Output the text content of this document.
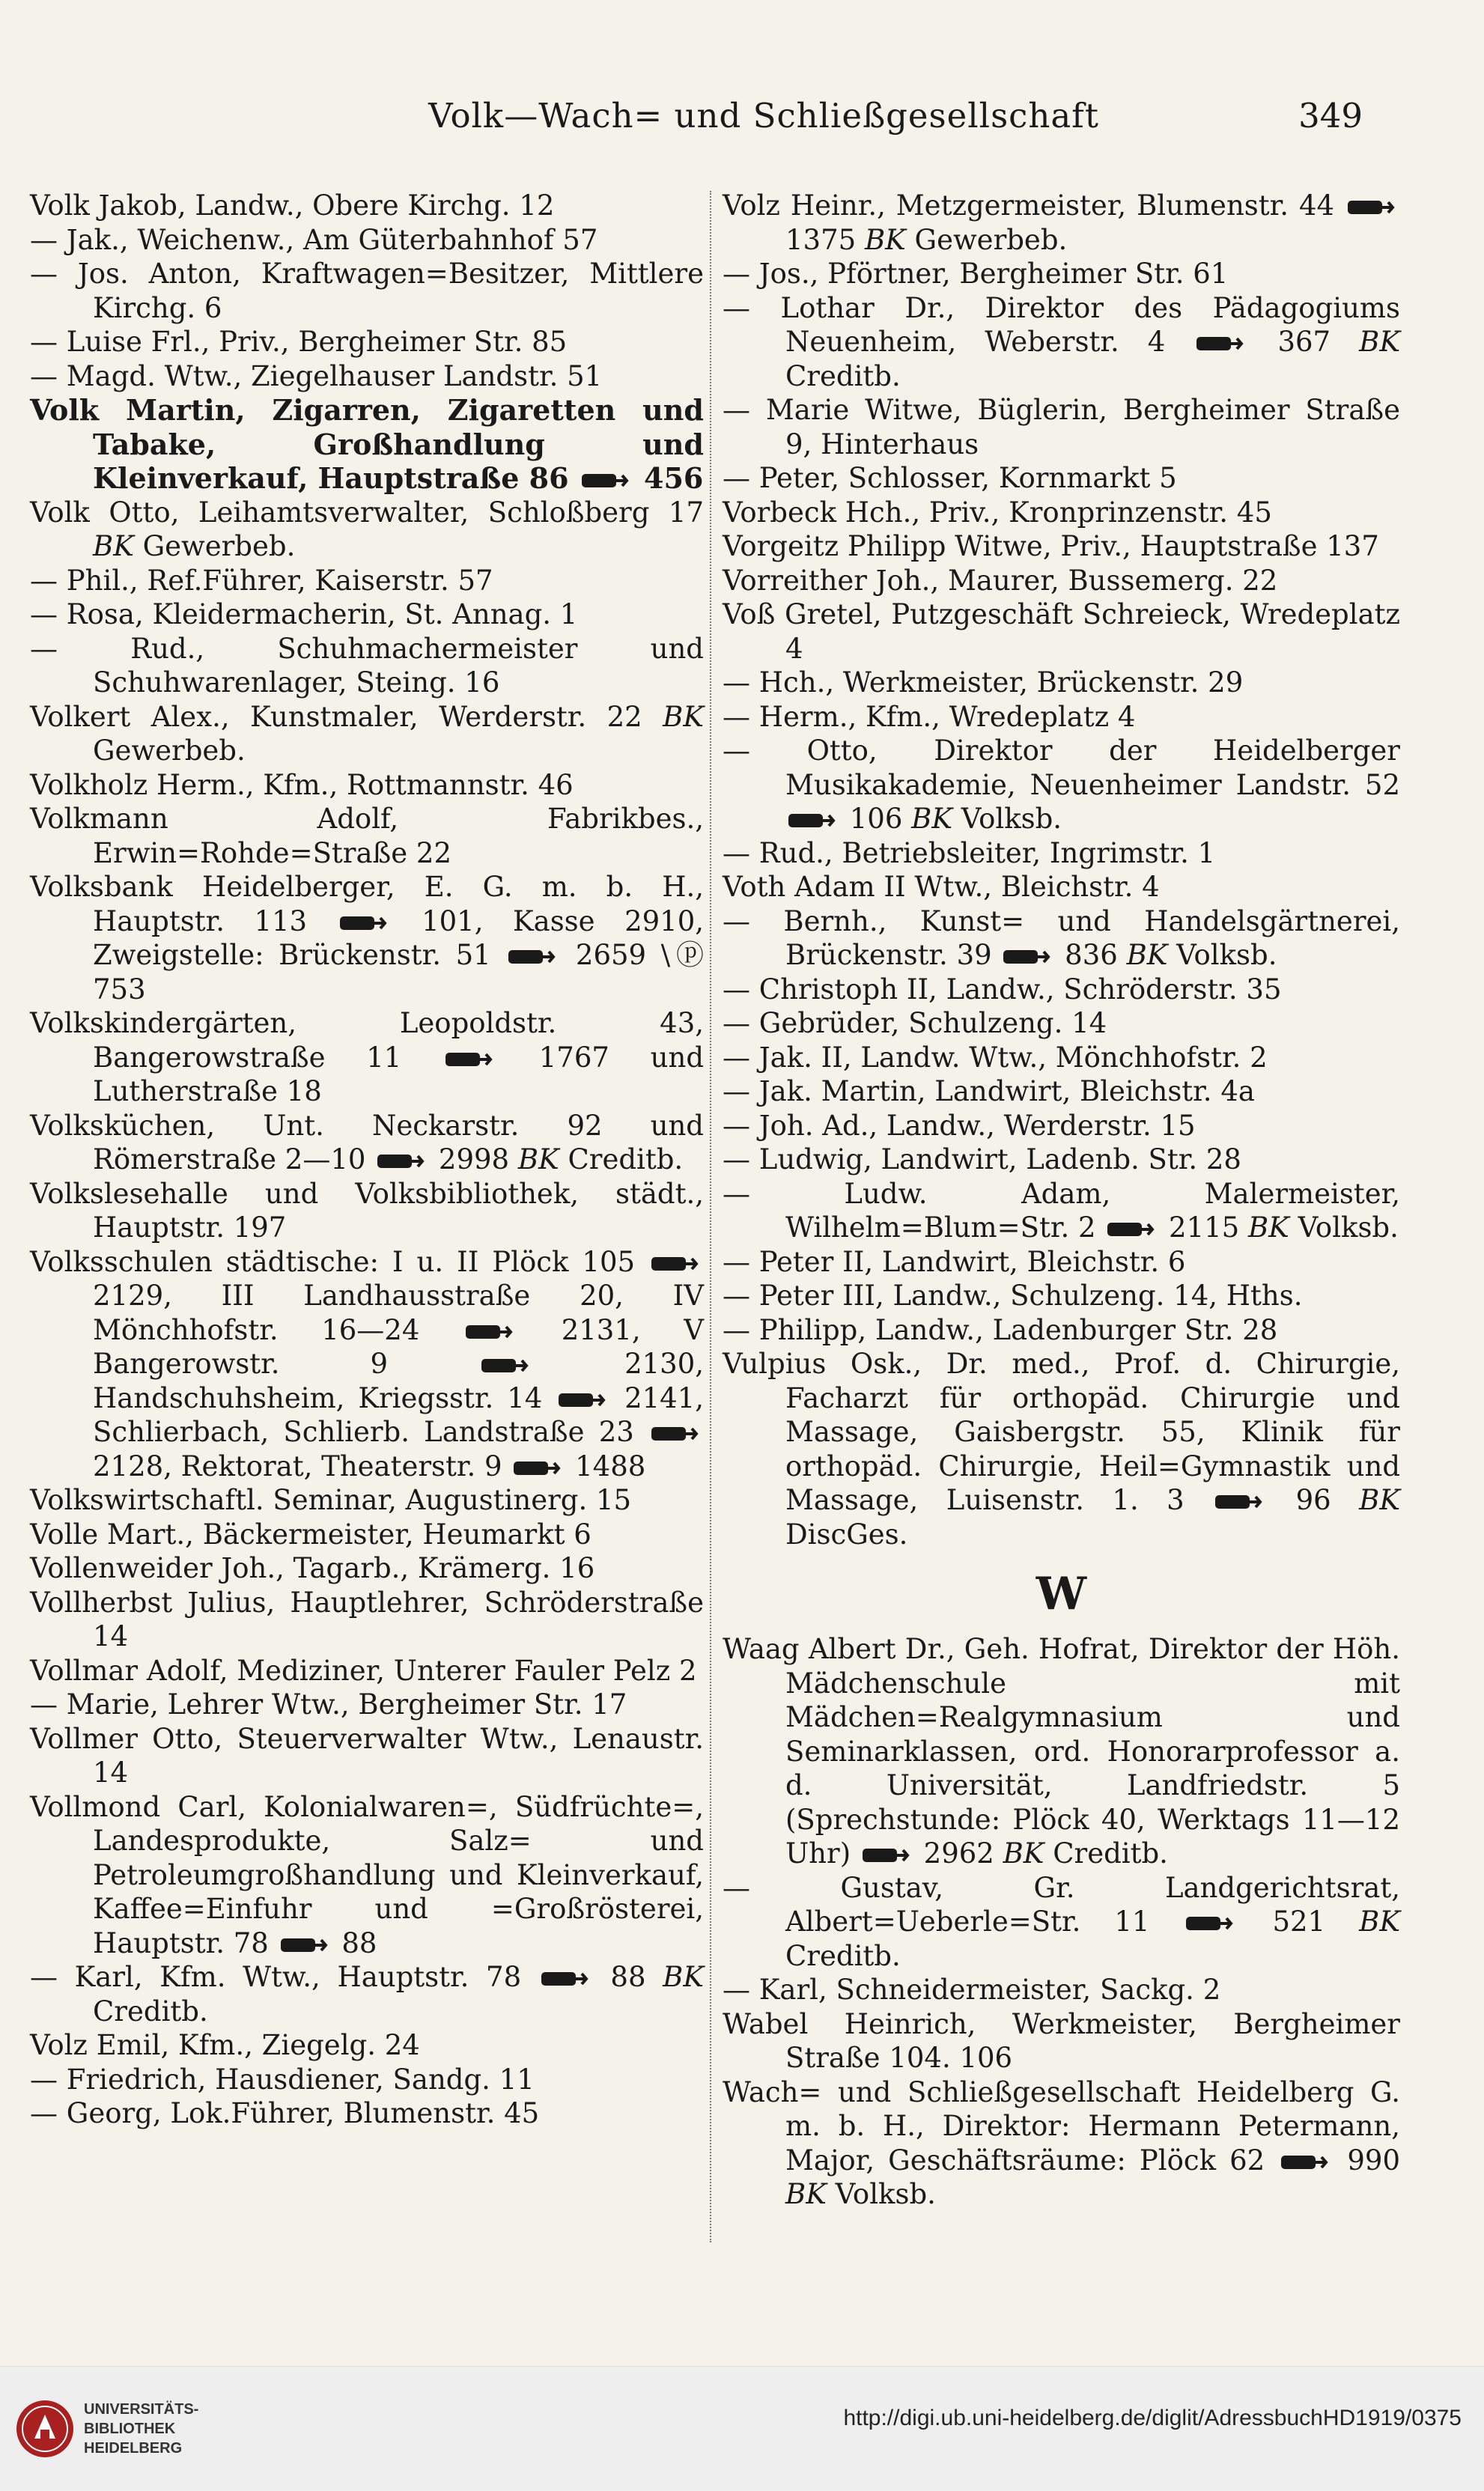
Volk—Wach= und Schließgesellschaft	349

Volk Jakob, Landw., Obere Kirchg. 12

— Jak., Weichenw., Am Güterbahnhof 57

— Jos. Anton, Kraftwagen=Besitzer, Mittlere Kirchg. 6

— Luise Frl., Priv., Bergheimer Str. 85

— Magd. Wtw., Ziegelhauser Landstr. 51

Volk Martin, Zigarren, Zigaretten und Tabake, Großhandlung und Kleinverkauf, Hauptstraße 86  456

Volk Otto, Leihamtsverwalter, Schloßberg 17 BK Gewerbeb.

— Phil., Ref.Führer, Kaiserstr. 57

— Rosa, Kleidermacherin, St. Annag. 1

— Rud., Schuhmachermeister und Schuhwarenlager, Steing. 16

Volkert Alex., Kunstmaler, Werderstr. 22 BK Gewerbeb.

Volkholz Herm., Kfm., Rottmannstr. 46

Volkmann Adolf, Fabrikbes., Erwin=Rohde=Straße 22

Volksbank Heidelberger, E. G. m. b. H., Hauptstr. 113  101, Kasse 2910, Zweigstelle: Brückenstr. 51  2659 \ⓟ 753

Volkskindergärten, Leopoldstr. 43, Bangerowstraße 11  1767 und Lutherstraße 18

Volksküchen, Unt. Neckarstr. 92 und Römerstraße 2—10  2998 BK Creditb.

Volkslesehalle und Volksbibliothek, städt., Hauptstr. 197

Volksschulen städtische: I u. II Plöck 105  2129, III Landhausstraße 20, IV Mönchhofstr. 16—24  2131, V Bangerowstr. 9  2130, Handschuhsheim, Kriegsstr. 14  2141, Schlierbach, Schlierb. Landstraße 23  2128, Rektorat, Theaterstr. 9  1488

Volkswirtschaftl. Seminar, Augustinerg. 15

Volle Mart., Bäckermeister, Heumarkt 6

Vollenweider Joh., Tagarb., Krämerg. 16

Vollherbst Julius, Hauptlehrer, Schröderstraße 14

Vollmar Adolf, Mediziner, Unterer Fauler Pelz 2

— Marie, Lehrer Wtw., Bergheimer Str. 17

Vollmer Otto, Steuerverwalter Wtw., Lenaustr. 14

Vollmond Carl, Kolonialwaren=, Südfrüchte=, Landesprodukte, Salz= und Petroleumgroßhandlung und Kleinverkauf, Kaffee=Einfuhr und =Großrösterei, Hauptstr. 78  88

— Karl, Kfm. Wtw., Hauptstr. 78  88 BK Creditb.

Volz Emil, Kfm., Ziegelg. 24

— Friedrich, Hausdiener, Sandg. 11

— Georg, Lok.Führer, Blumenstr. 45

Volz Heinr., Metzgermeister, Blumenstr. 44  1375 BK Gewerbeb.

— Jos., Pförtner, Bergheimer Str. 61

— Lothar Dr., Direktor des Pädagogiums Neuenheim, Weberstr. 4  367 BK Creditb.

— Marie Witwe, Büglerin, Bergheimer Straße 9, Hinterhaus

— Peter, Schlosser, Kornmarkt 5

Vorbeck Hch., Priv., Kronprinzenstr. 45

Vorgeitz Philipp Witwe, Priv., Hauptstraße 137

Vorreither Joh., Maurer, Bussemerg. 22

Voß Gretel, Putzgeschäft Schreieck, Wredeplatz 4

— Hch., Werkmeister, Brückenstr. 29

— Herm., Kfm., Wredeplatz 4

— Otto, Direktor der Heidelberger Musikakademie, Neuenheimer Landstr. 52  106 BK Volksb.

— Rud., Betriebsleiter, Ingrimstr. 1

Voth Adam II Wtw., Bleichstr. 4

— Bernh., Kunst= und Handelsgärtnerei, Brückenstr. 39  836 BK Volksb.

— Christoph II, Landw., Schröderstr. 35

— Gebrüder, Schulzeng. 14

— Jak. II, Landw. Wtw., Mönchhofstr. 2

— Jak. Martin, Landwirt, Bleichstr. 4a

— Joh. Ad., Landw., Werderstr. 15

— Ludwig, Landwirt, Ladenb. Str. 28

— Ludw. Adam, Malermeister, Wilhelm=Blum=Str. 2  2115 BK Volksb.

— Peter II, Landwirt, Bleichstr. 6

— Peter III, Landw., Schulzeng. 14, Hths.

— Philipp, Landw., Ladenburger Str. 28

Vulpius Osk., Dr. med., Prof. d. Chirurgie, Facharzt für orthopäd. Chirurgie und Massage, Gaisbergstr. 55, Klinik für orthopäd. Chirurgie, Heil=Gymnastik und Massage, Luisenstr. 1. 3  96 BK DiscGes.

W

Waag Albert Dr., Geh. Hofrat, Direktor der Höh. Mädchenschule mit Mädchen=Realgymnasium und Seminarklassen, ord. Honorarprofessor a. d. Universität, Landfriedstr. 5 (Sprechstunde: Plöck 40, Werktags 11—12 Uhr)  2962 BK Creditb.

— Gustav, Gr. Landgerichtsrat, Albert=Ueberle=Str. 11  521 BK Creditb.

— Karl, Schneidermeister, Sackg. 2

Wabel Heinrich, Werkmeister, Bergheimer Straße 104. 106

Wach= und Schließgesellschaft Heidelberg G. m. b. H., Direktor: Hermann Petermann, Major, Geschäftsräume: Plöck 62  990 BK Volksb.

UNIVERSITÄTS-
BIBLIOTHEK
HEIDELBERG
http://digi.ub.uni-heidelberg.de/diglit/AdressbuchHD1919/0375
